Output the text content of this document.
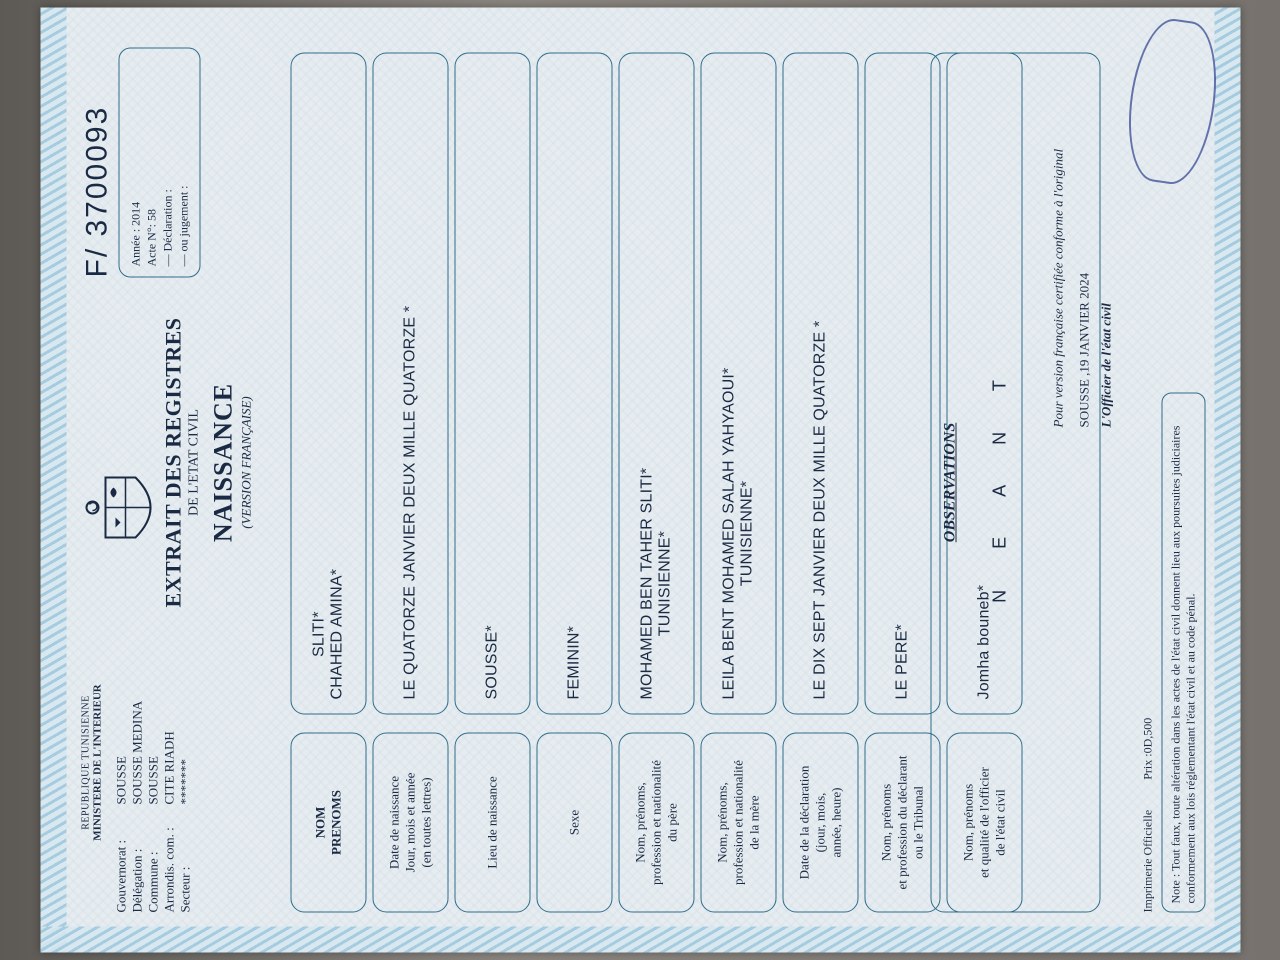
REPUBLIQUE TUNISIENNE MINISTERE DE L'INTERIEUR
Gouvernorat :
SOUSSE
Délégation :
SOUSSE MEDINA
Commune :
SOUSSE
Arrondis. com. :
CITE RIADH
Secteur :
*******
EXTRAIT DES REGISTRES DE L'ETAT CIVIL NAISSANCE (VERSION FRANÇAISE)
F/ 3700093 Année : 2014 Acte N°: 58 — Déclaration : — ou jugement :
NOM
PRENOMS
SLITI*
CHAHED AMINA*
Date de naissance
Jour, mois et année
(en toutes lettres)
LE QUATORZE JANVIER DEUX MILLE QUATORZE *
Lieu de naissance
SOUSSE*
Sexe
FEMININ*
Nom, prénoms,
profession et nationalité
du père
MOHAMED BEN TAHER SLITI*
TUNISIENNE*
Nom, prénoms,
profession et nationalité
de la mère
LEILA BENT MOHAMED SALAH YAHYAOUI*
TUNISIENNE*
Date de la déclaration
(jour, mois,
année, heure)
LE DIX SEPT JANVIER DEUX MILLE QUATORZE *
Nom, prénoms
et profession du déclarant
ou le Tribunal
LE PERE*
Nom, prénoms
et qualité de l'officier
de l'état civil
Jomha bouneb*
OBSERVATIONS N E A N T
Pour version française certifiée conforme à l'original SOUSSE ,19 JANVIER 2024 L'Officier de l'état civil
Imprimerie Officielle
Prix :0D,500	Note : Tout faux, toute altération dans les actes de l'état civil donnent lieu aux poursuites judiciaires conformement aux lois réglementant l'état civil et au code pénal.
